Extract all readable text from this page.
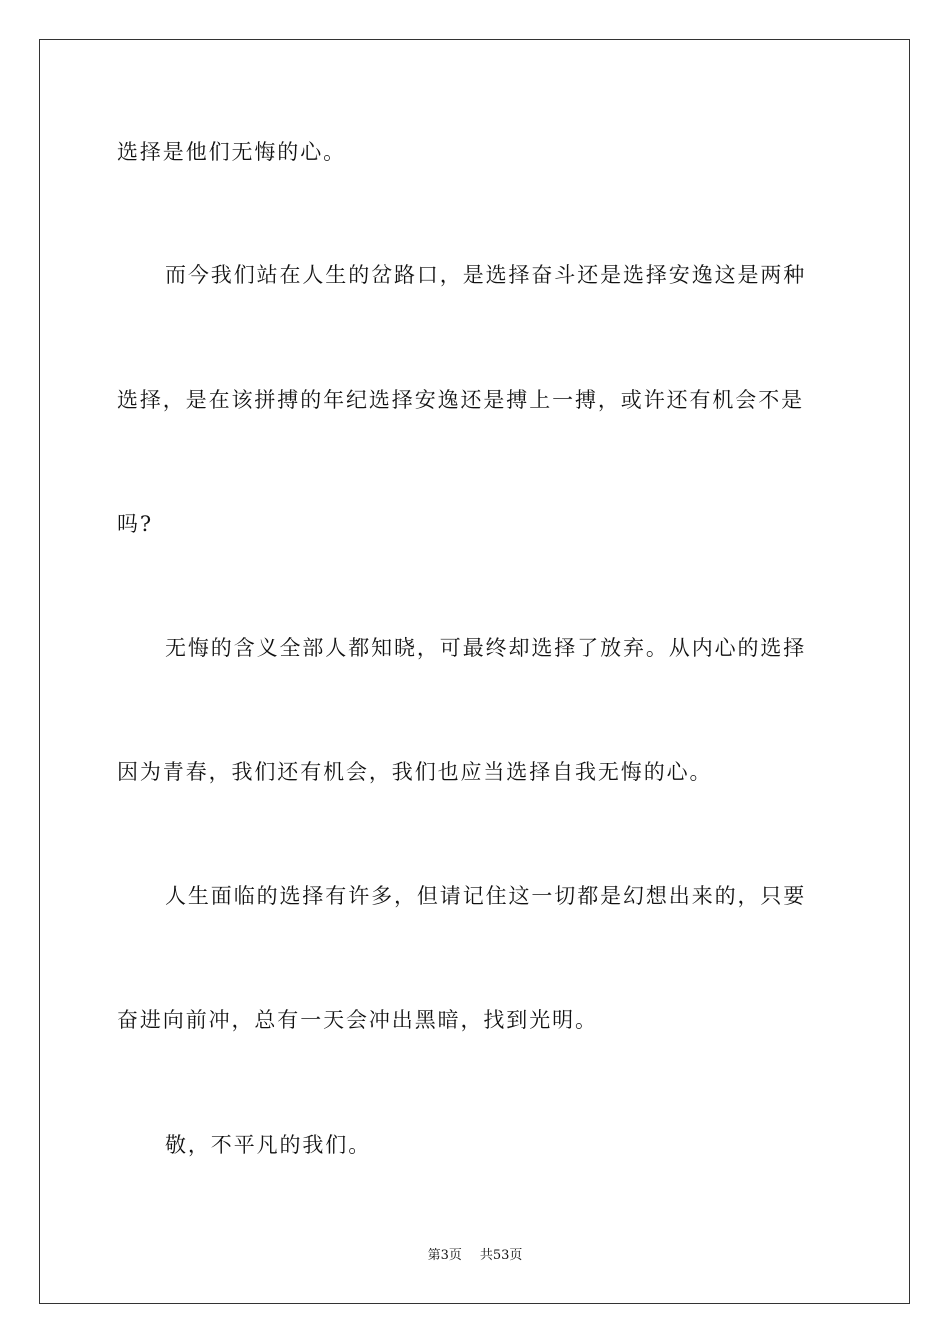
选择是他们无悔的心。
而今我们站在人生的岔路口，是选择奋斗还是选择安逸这是两种
选择，是在该拼搏的年纪选择安逸还是搏上一搏，或许还有机会不是
吗?
无悔的含义全部人都知晓，可最终却选择了放弃。从内心的选择
因为青春，我们还有机会，我们也应当选择自我无悔的心。
人生面临的选择有许多，但请记住这一切都是幻想出来的，只要
奋进向前冲，总有一天会冲出黑暗，找到光明。
敬，不平凡的我们。
第3页 共53页
